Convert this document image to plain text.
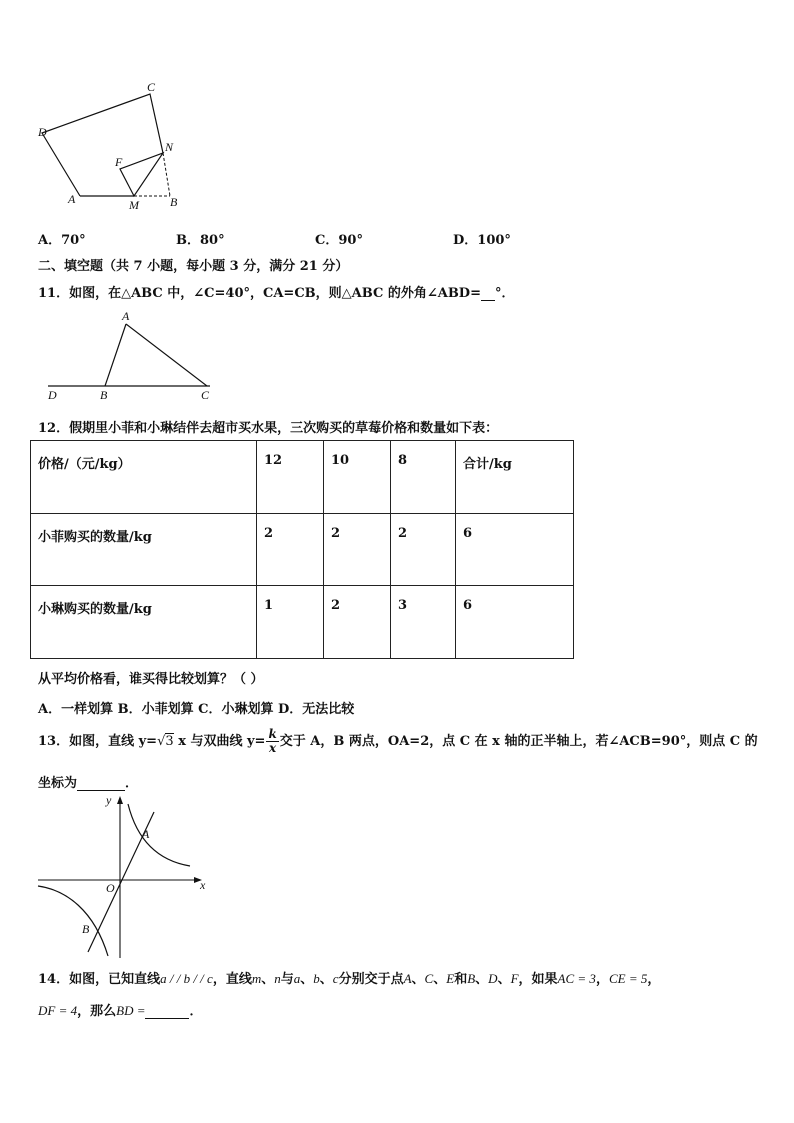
C
D
N
F
A	M	B
A．70°	B．80°	C．90°	D．100°
二、填空题（共 7 小题，每小题 3 分，满分 21 分）
11．如图，在△ABC 中，∠C=40°，CA=CB，则△ABC 的外角∠ABD= °．
A
D	B	C
12．假期里小菲和小琳结伴去超市买水果，三次购买的草莓价格和数量如下表：
价格/（元/kg）	12	10	8	合计/kg
小菲购买的数量/kg	2	2	2	6
小琳购买的数量/kg	1	2	3	6
从平均价格看，谁买得比较划算？（ ）
A．一样划算 B．小菲划算 C．小琳划算 D．无法比较
13．如图，直线 y=√3 x 与双曲线 $y= \frac{k}{x}$ 交于 A，B 两点，OA=2，点 C 在 x 轴的正半轴上，若∠ACB=90°，则点 C 的
坐标为	．
y
x
A
O
B
14．如图，已知直线a / / b / / c，直线m、n与a、b、c分别交于点A、C、E和B、D、F，如果AC = 3，CE = 5，
DF = 4，那么BD =	．
